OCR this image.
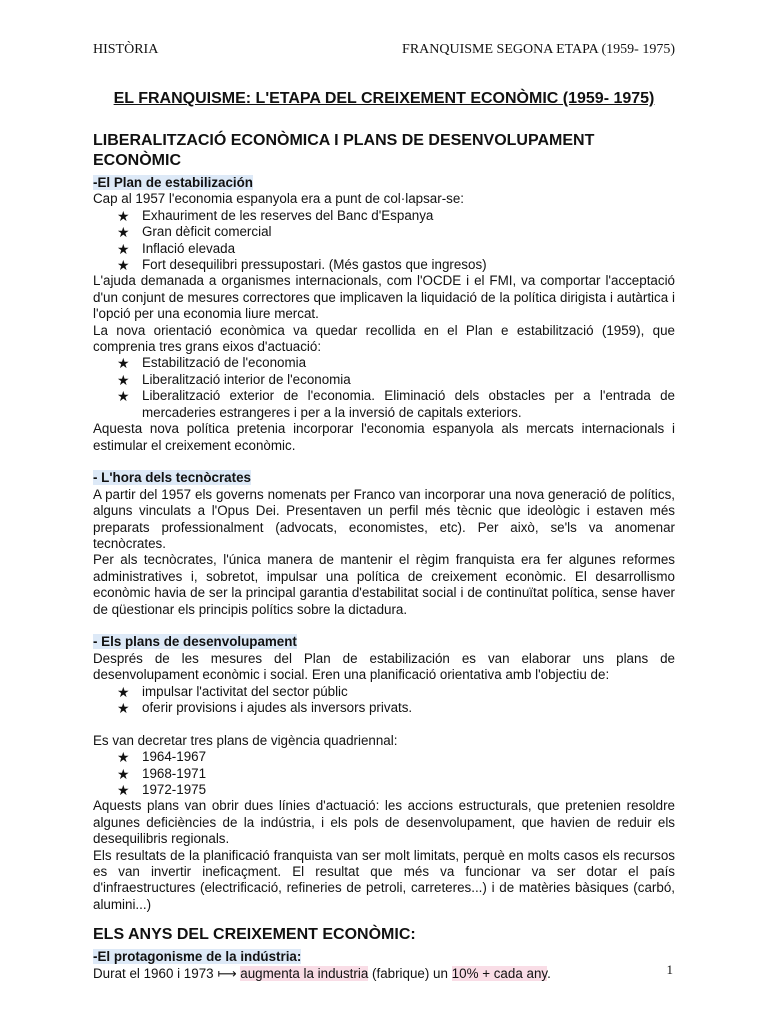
HISTÒRIA	FRANQUISME SEGONA ETAPA (1959- 1975)
EL FRANQUISME: L'ETAPA DEL CREIXEMENT ECONÒMIC (1959- 1975)
LIBERALITZACIÓ ECONÒMICA I PLANS DE DESENVOLUPAMENT ECONÒMIC
-El Plan de estabilización

Cap al 1957 l'economia espanyola era a punt de col·lapsar-se:

★ Exhauriment de les reserves del Banc d'Espanya
★ Gran dèficit comercial
★ Inflació elevada
★ Fort desequilibri pressupostari. (Més gastos que ingresos)

L'ajuda demanada a organismes internacionals, com l'OCDE i el FMI, va comportar l'acceptació d'un conjunt de mesures correctores que implicaven la liquidació de la política dirigista i autàrtica i l'opció per una economia liure mercat.

La nova orientació econòmica va quedar recollida en el Plan e estabilització (1959), que comprenia tres grans eixos d'actuació:

★ Estabilització de l'economia
★ Liberalització interior de l'economia
★ Liberalització exterior de l'economia. Eliminació dels obstacles per a l'entrada de mercaderies estrangeres i per a la inversió de capitals exteriors.

Aquesta nova política pretenia incorporar l'economia espanyola als mercats internacionals i estimular el creixement econòmic.

- L'hora dels tecnòcrates

A partir del 1957 els governs nomenats per Franco van incorporar una nova generació de polítics, alguns vinculats a l'Opus Dei. Presentaven un perfil més tècnic que ideològic i estaven més preparats professionalment (advocats, economistes, etc). Per això, se'ls va anomenar tecnòcrates.

Per als tecnòcrates, l'única manera de mantenir el règim franquista era fer algunes reformes administratives i, sobretot, impulsar una política de creixement econòmic. El desarrollismo econòmic havia de ser la principal garantia d'estabilitat social i de continuïtat política, sense haver de qüestionar els principis polítics sobre la dictadura.

- Els plans de desenvolupament

Després de les mesures del Plan de estabilización es van elaborar uns plans de desenvolupament econòmic i social. Eren una planificació orientativa amb l'objectiu de:

★ impulsar l'activitat del sector públic
★ oferir provisions i ajudes als inversors privats.

Es van decretar tres plans de vigència quadriennal:

★ 1964-1967
★ 1968-1971
★ 1972-1975

Aquests plans van obrir dues línies d'actuació: les accions estructurals, que pretenien resoldre algunes deficiències de la indústria, i els pols de desenvolupament, que havien de reduir els desequilibris regionals.

Els resultats de la planificació franquista van ser molt limitats, perquè en molts casos els recursos es van invertir ineficaçment. El resultat que més va funcionar va ser dotar el país d'infraestructures (electrificació, refineries de petroli, carreteres...) i de matèries bàsiques (carbó, alumini...)

ELS ANYS DEL CREIXEMENT ECONÒMIC:
-El protagonisme de la indústria:

Durat el 1960 i 1973 ⟼ augmenta la industria (fabrique) un 10% + cada any.	1
